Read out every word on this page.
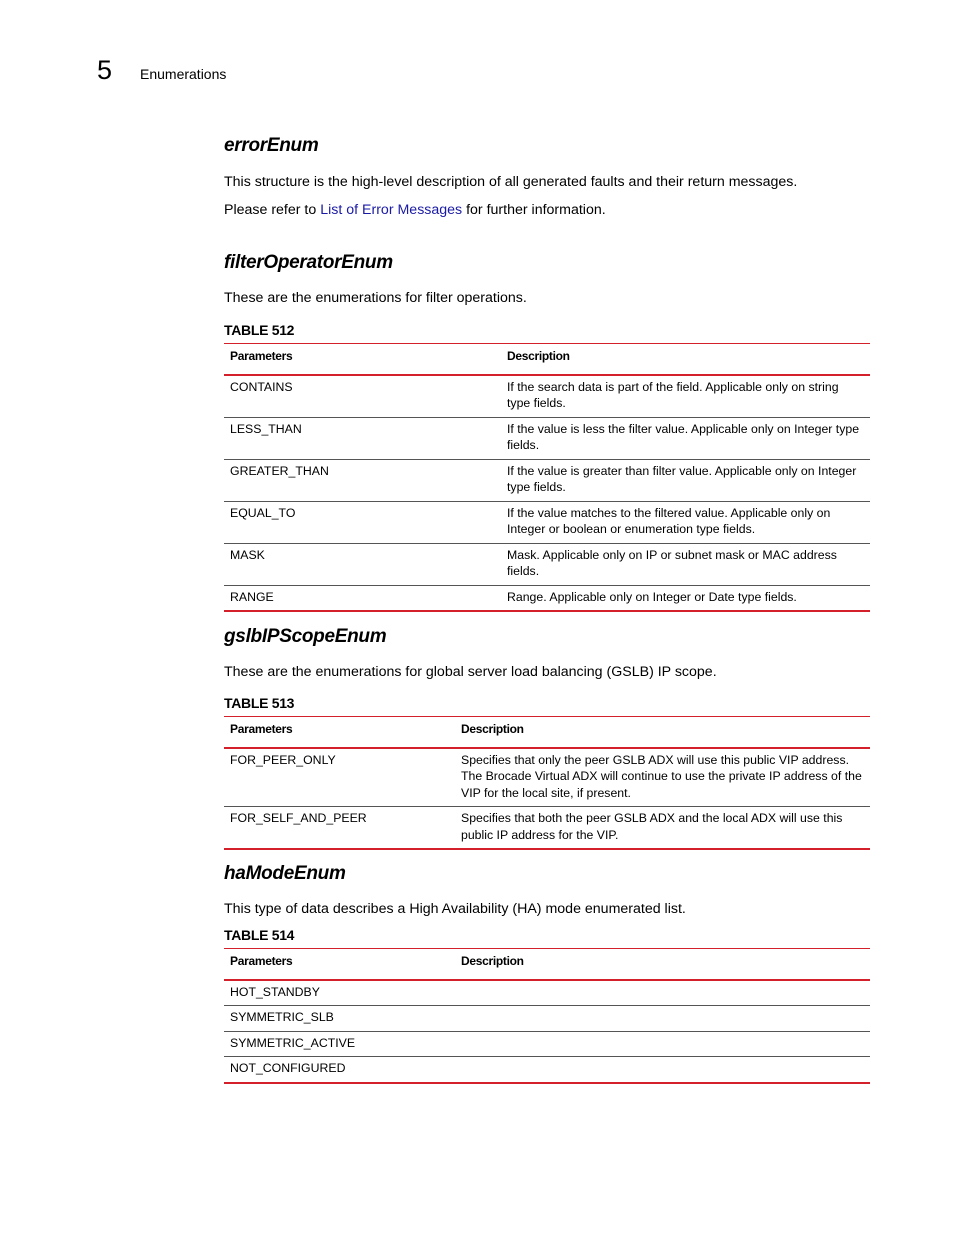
5 Enumerations
errorEnum

This structure is the high-level description of all generated faults and their return messages.

Please refer to List of Error Messages for further information.

filterOperatorEnum

These are the enumerations for filter operations.

TABLE 512
Parameters	Description
CONTAINS	If the search data is part of the field. Applicable only on string type fields.
LESS_THAN	If the value is less the filter value. Applicable only on Integer type fields.
GREATER_THAN	If the value is greater than filter value. Applicable only on Integer type fields.
EQUAL_TO	If the value matches to the filtered value. Applicable only on Integer or boolean or enumeration type fields.
MASK	Mask. Applicable only on IP or subnet mask or MAC address fields.
RANGE	Range. Applicable only on Integer or Date type fields.
gslbIPScopeEnum

These are the enumerations for global server load balancing (GSLB) IP scope.

TABLE 513
Parameters	Description
FOR_PEER_ONLY	Specifies that only the peer GSLB ADX will use this public VIP address. The Brocade Virtual ADX will continue to use the private IP address of the VIP for the local site, if present.
FOR_SELF_AND_PEER	Specifies that both the peer GSLB ADX and the local ADX will use this public IP address for the VIP.
haModeEnum

This type of data describes a High Availability (HA) mode enumerated list.

TABLE 514
Parameters	Description
HOT_STANDBY	
SYMMETRIC_SLB	
SYMMETRIC_ACTIVE	
NOT_CONFIGURED	
